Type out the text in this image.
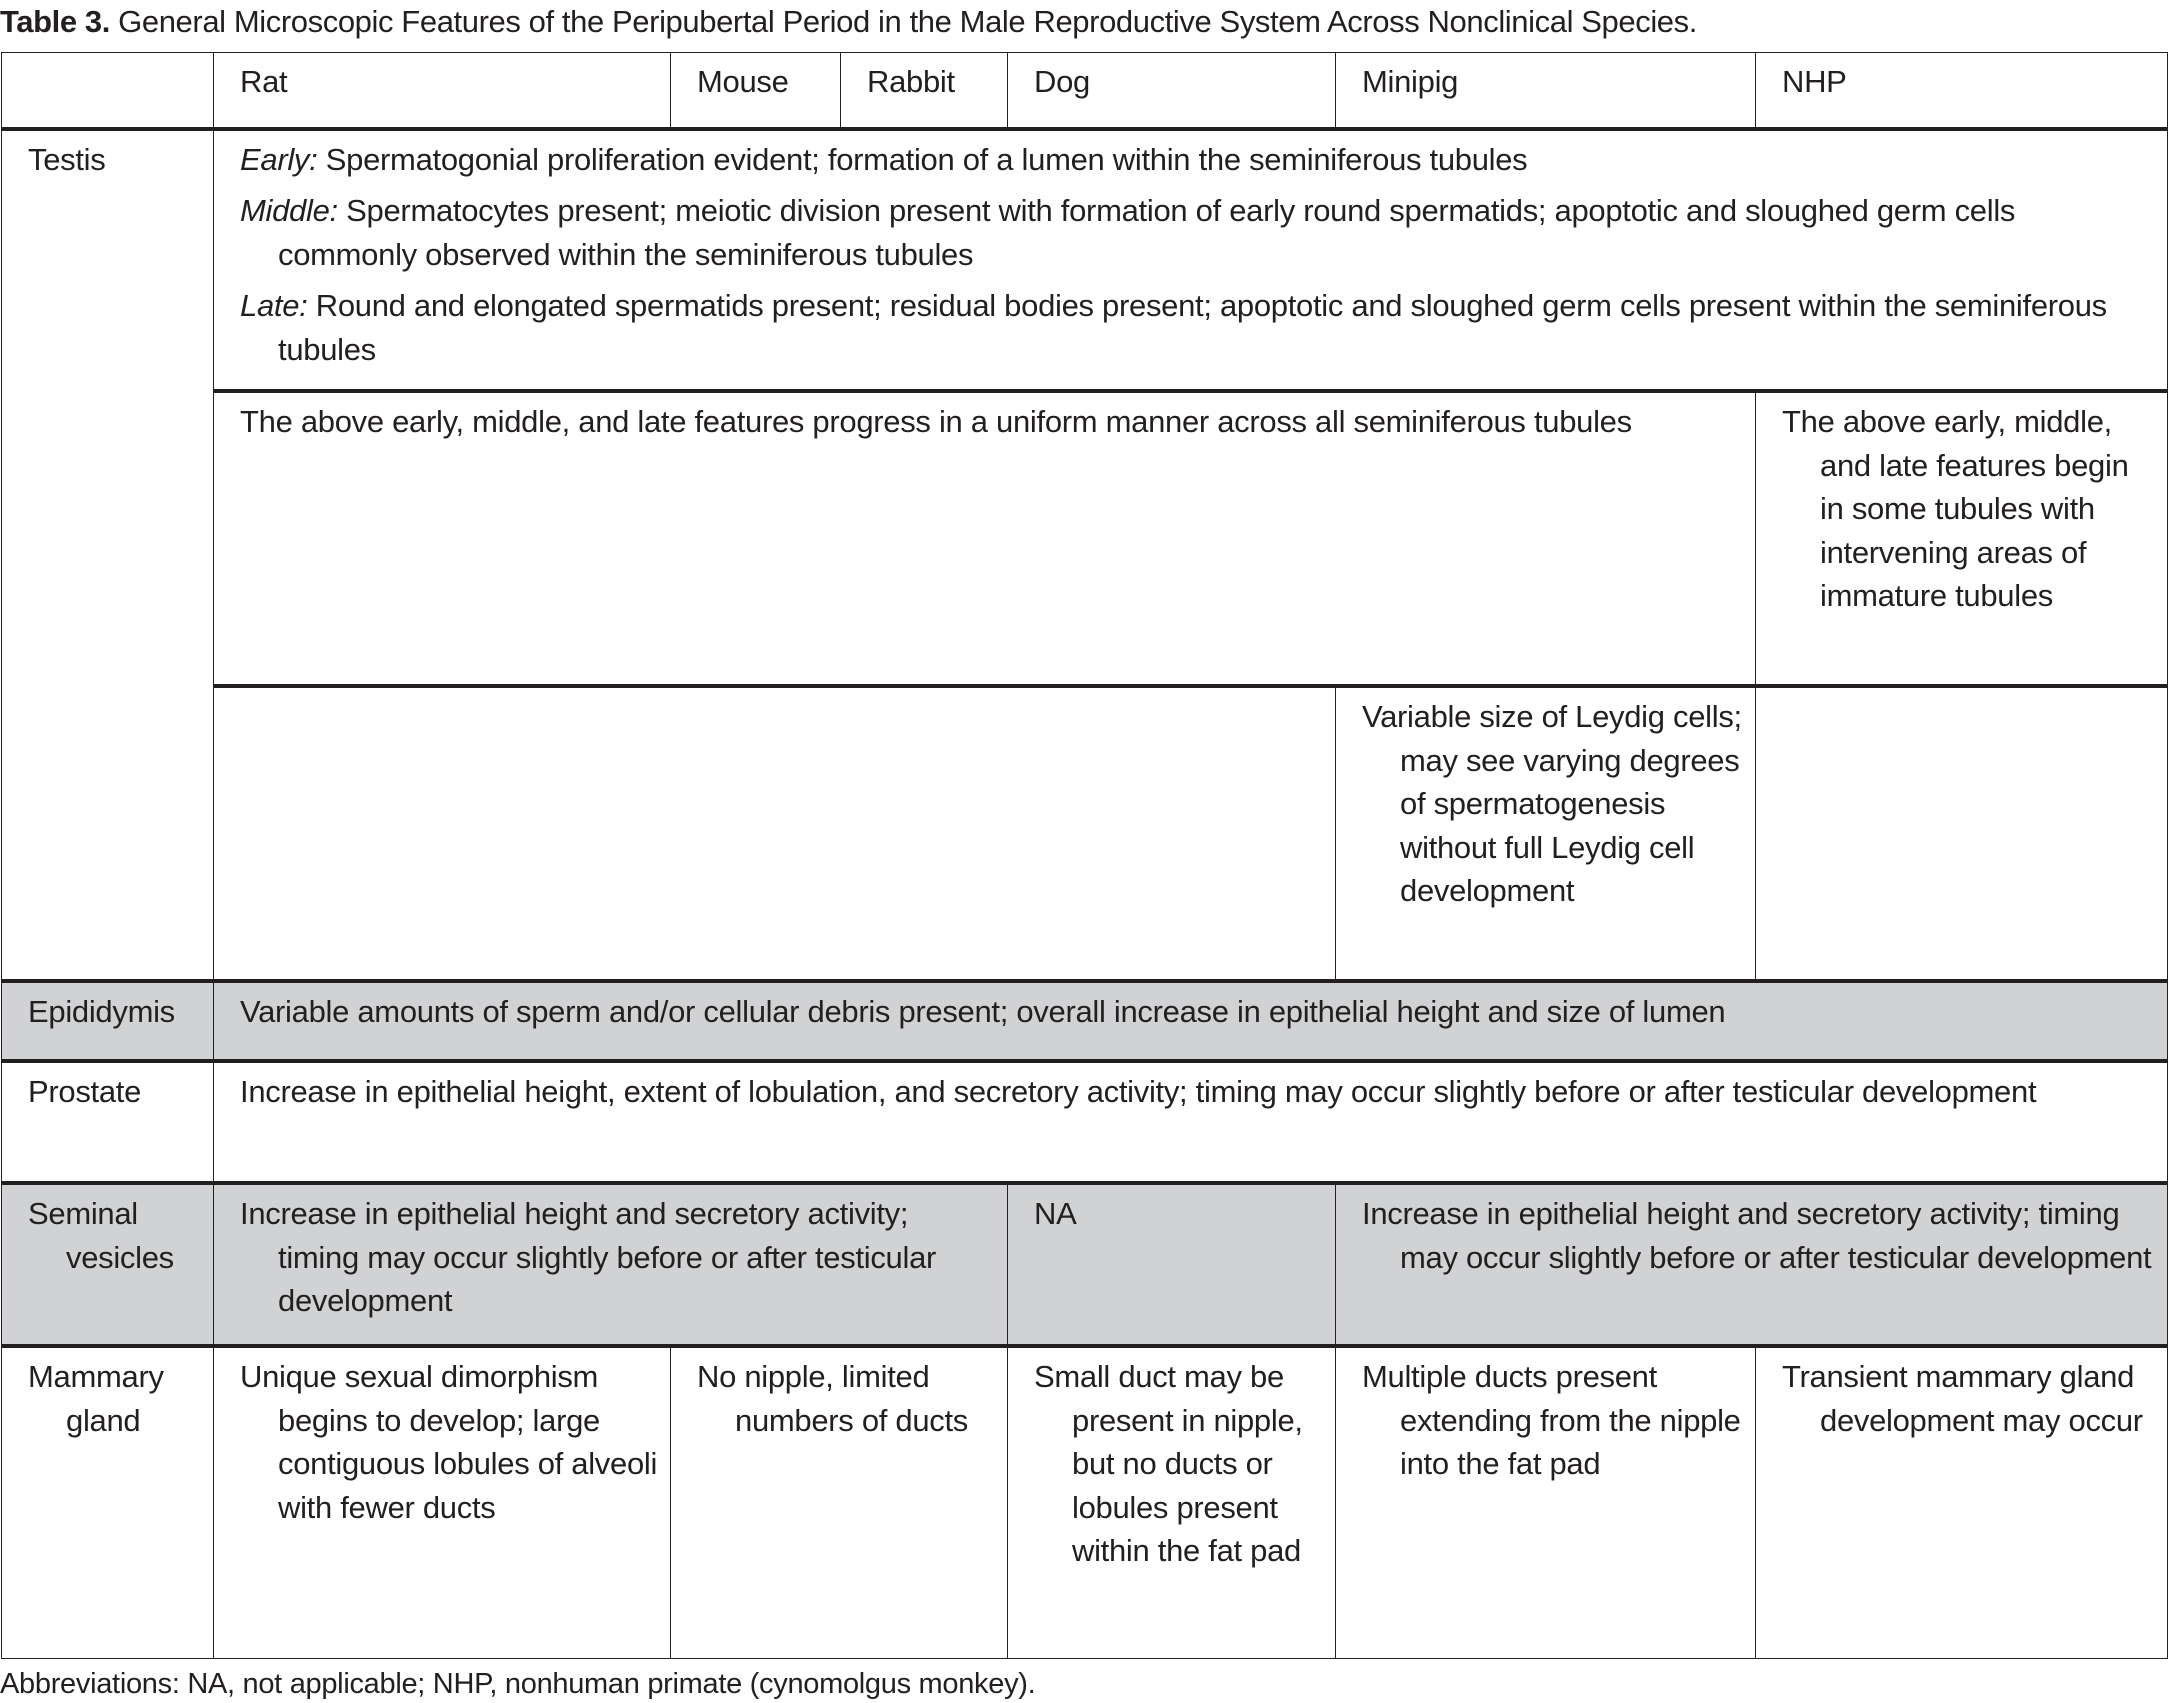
Table 3. General Microscopic Features of the Peripubertal Period in the Male Reproductive System Across Nonclinical Species.
	Rat	Mouse	Rabbit	Dog	Minipig	NHP
Testis	Early: Spermatogonial proliferation evident; formation of a lumen within the seminiferous tubules
Middle: Spermatocytes present; meiotic division present with formation of early round spermatids; apoptotic and sloughed germ cells commonly observed within the seminiferous tubules
Late: Round and elongated spermatids present; residual bodies present; apoptotic and sloughed germ cells present within the seminiferous tubules					

	The above early, middle, and late features progress in a uniform manner across all seminiferous tubules					The above early, middle, and late features begin in some tubules with intervening areas of immature tubules

					Variable size of Leydig cells; may see varying degrees of spermatogenesis without full Leydig cell development	

Epididymis	Variable amounts of sperm and/or cellular debris present; overall increase in epithelial height and size of lumen					

Prostate	Increase in epithelial height, extent of lobulation, and secretory activity; timing may occur slightly before or after testicular development					

Seminal vesicles	Increase in epithelial height and secretory activity; timing may occur slightly before or after testicular development			NA	Increase in epithelial height and secretory activity; timing may occur slightly before or after testicular development	

Mammary gland	Unique sexual dimorphism begins to develop; large contiguous lobules of alveoli with fewer ducts	No nipple, limited numbers of ducts		Small duct may be present in nipple, but no ducts or lobules present within the fat pad	Multiple ducts present extending from the nipple into the fat pad	Transient mammary gland development may occur
Abbreviations: NA, not applicable; NHP, nonhuman primate (cynomolgus monkey).
